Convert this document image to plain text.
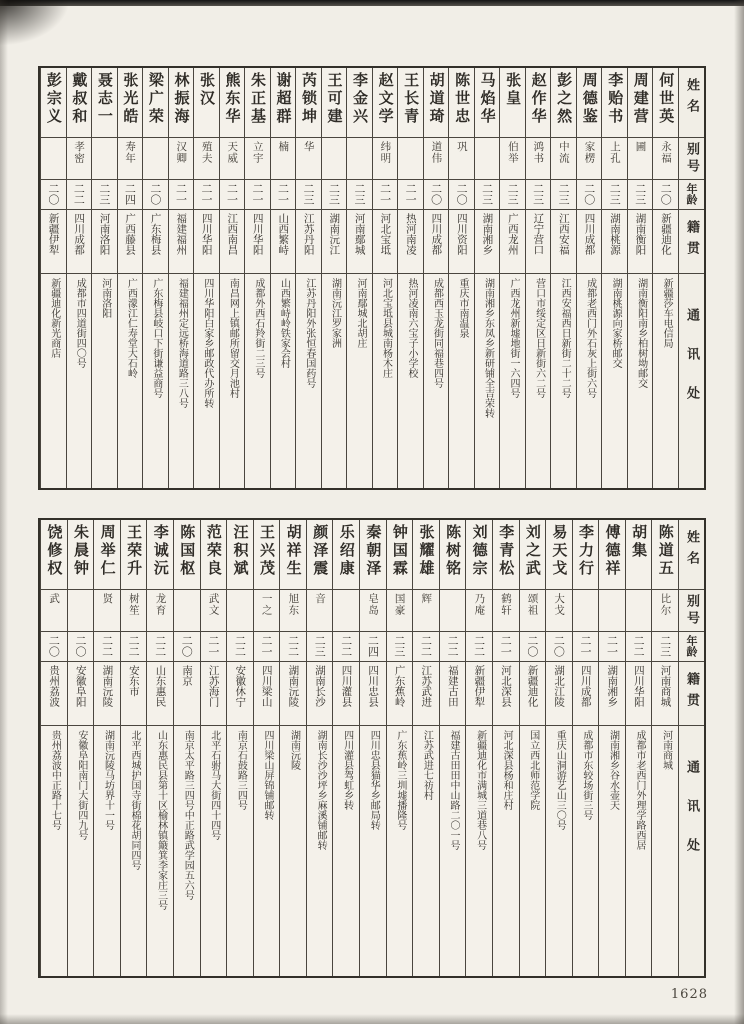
姓名
别号
年龄
籍贯
通讯处
何世英
永福
二〇
新疆迪化
新疆莎车电信局
周建营
圃
二三
湖南衡阳
湖南衡阳南乡柏树坳邮交
李贻书
上孔
二三
湖南桃源
湖南桃源向家桥邮交
周德鉴
家楞
二〇
四川成都
成都老西门外石灰上街六号
彭之然
中流
二三
江西安福
江西安福西日新街二十二号
赵作华
鸿书
二三
辽宁营口
营口市绥定区日新街六二号
张皇
伯举
二三
广西龙州
广西龙州新墟地街一六四号
马焰华
二三
湖南湘乡
湖南湘乡东凤乡新研铺全吉荣转
陈世忠
巩
二〇
四川资阳
重庆市南温泉
胡道琦
道伟
二〇
四川成都
成都西玉龙街同福巷四号
王长青
二一
热河南凌
热河凌南六宝子小学校
赵文学
纬明
二一
河北宝坻
河北宝坻县城南杨木庄
李金兴
二三
河南鄢城
河南鄢城北胡庄
王可建
二三
湖南沅江
湖南沅江罗家洲
芮锁坤
华
二三
江苏丹阳
江苏丹阳外张恒春国药号
谢超群
楠
二一
山西繁峙
山西繁峙岭铁家会村
朱正基
立宇
二一
四川华阳
成都外西石羚街二三号
熊东华
天威
二一
江西南昌
南昌网上镇邮所留交月池村
张汉
殖夫
二一
四川华阳
四川华阳白家乡邮政代办所转
林振海
汉卿
二一
福建福州
福建福州定远桥海道路三八号
梁广荣
二〇
广东梅县
广东梅县岐口下街谦益商号
张光皓
寿年
二四
广西藤县
广西濛江仁寿堂大石岭
聂志一
二三
河南洛阳
河南洛阳
戴叔和
孝密
二二
四川成都
成都市四道街四〇号
彭宗义
二〇
新疆伊犁
新疆迪化新光商店
姓名
别号
年龄
籍贯
通讯处
陈道五
比尔
二三
河南商城
河南商城
胡集
二二
四川华阳
成都市老西门外理学路西居
傅德祥
二一
湖南湘乡
湖南湘乡谷水壶天
李力行
二一
四川成都
成都市东较场街三号
易天戈
大戈
二〇
湖北江陵
重庆山洞游艺山三〇号
刘之武
颂祖
二〇
新疆迪化
国立西北师范学院
李青松
鹤轩
二一
河北深县
河北深县杨和庄村
刘德宗
乃庵
二二
新疆伊犁
新疆迪化市满城三道巷八号
陈树铭
二二
福建古田
福建古田田中山路二〇一号
张耀雄
辉
二二
江苏武进
江苏武进七祊村
钟国霖
国豪
二三
广东蕉岭
广东蕉岭三圳墟播隆号
秦朝泽
皂岛
二四
四川忠县
四川忠县猫华乡邮局转
乐绍康
二二
四川灌县
四川灌县驾虹乡转
颜泽震
音
二三
湖南长沙
湖南长沙沙坪乡麻溪铺邮转
胡祥生
旭东
二二
湖南沅陵
湖南沅陵
王兴茂
一之
二一
四川梁山
四川梁山屏锦铺邮转
汪积斌
二二
安徽休宁
南京石鼓路三四号
范荣良
武文
二一
江苏海门
北平石驸马大街四十四号
陈国枢
二〇
南京
南京太平路三四号中正路武学园五六号
李诚沅
龙育
二二
山东惠民
山东惠民县第十区榆林镇簸箕李家庄三号
王荣升
树笙
二二
安东市
北平西城护国寺街棉花胡同四号
周举仁
贤
二二
湖南沅陵
湖南沅陵马坊界十一号
朱晨钟
二〇
安徽阜阳
安徽阜阳南门大街四九号
饶修权
武
二〇
贵州荔波
贵州荔波中正路十七号
1628
